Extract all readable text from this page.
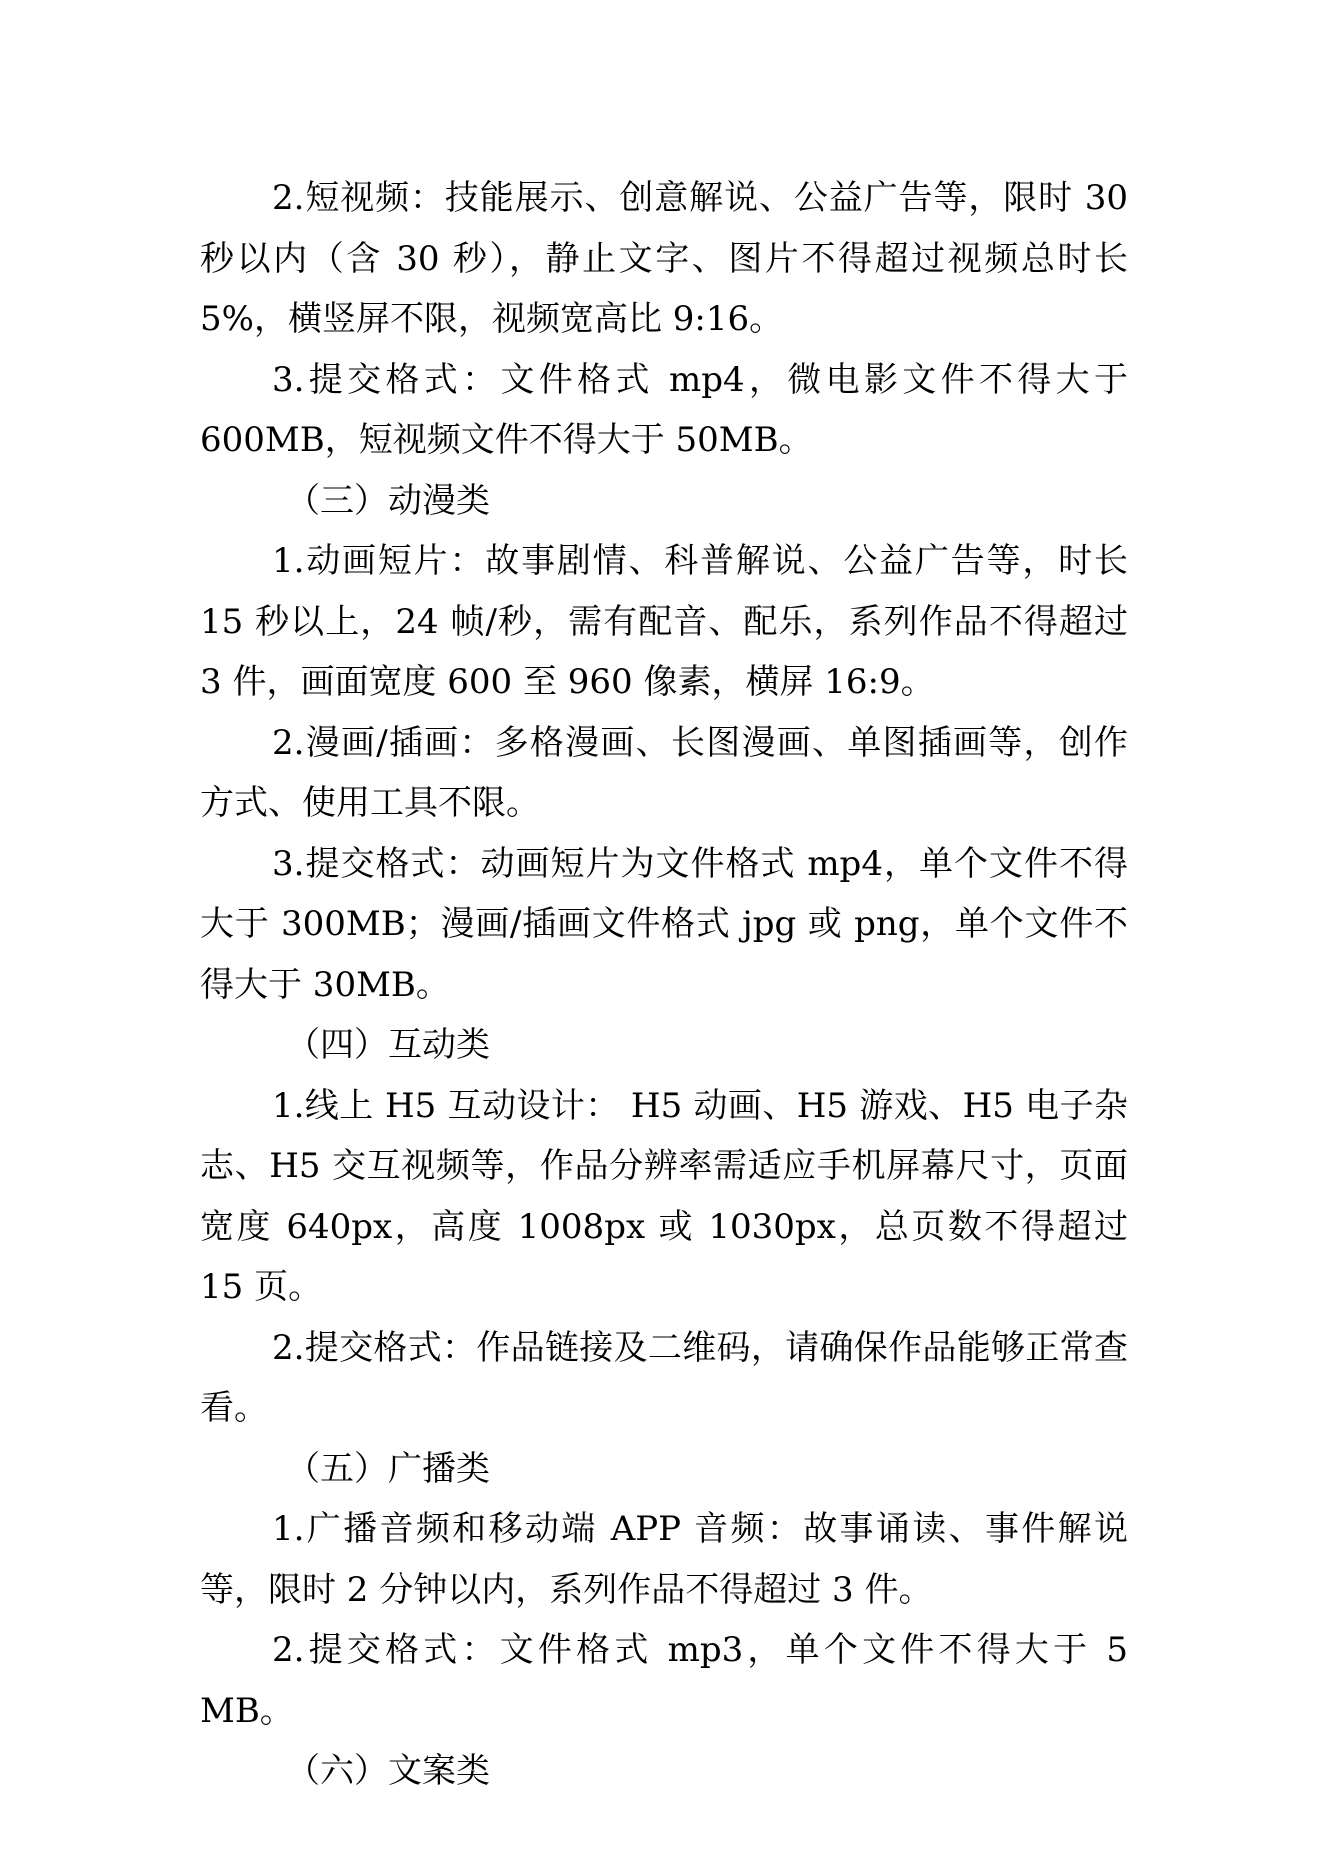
2.短视频：技能展示、创意解说、公益广告等，限时 30 秒以内（含 30 秒），静止文字、图片不得超过视频总时长 5%，横竖屏不限，视频宽高比 9:16。

3.提交格式：文件格式 mp4，微电影文件不得大于 600MB，短视频文件不得大于 50MB。

（三）动漫类

1.动画短片：故事剧情、科普解说、公益广告等，时长 15 秒以上，24 帧/秒，需有配音、配乐，系列作品不得超过 3 件，画面宽度 600 至 960 像素，横屏 16:9。

2.漫画/插画：多格漫画、长图漫画、单图插画等，创作方式、使用工具不限。

3.提交格式：动画短片为文件格式 mp4，单个文件不得大于 300MB；漫画/插画文件格式 jpg 或 png，单个文件不得大于 30MB。

（四）互动类

1.线上 H5 互动设计： H5 动画、H5 游戏、H5 电子杂志、H5 交互视频等，作品分辨率需适应手机屏幕尺寸，页面宽度 640px，高度 1008px 或 1030px，总页数不得超过 15 页。

2.提交格式：作品链接及二维码，请确保作品能够正常查看。

（五）广播类

1.广播音频和移动端 APP 音频：故事诵读、事件解说等，限时 2 分钟以内，系列作品不得超过 3 件。

2.提交格式：文件格式 mp3，单个文件不得大于 5 MB。

（六）文案类
